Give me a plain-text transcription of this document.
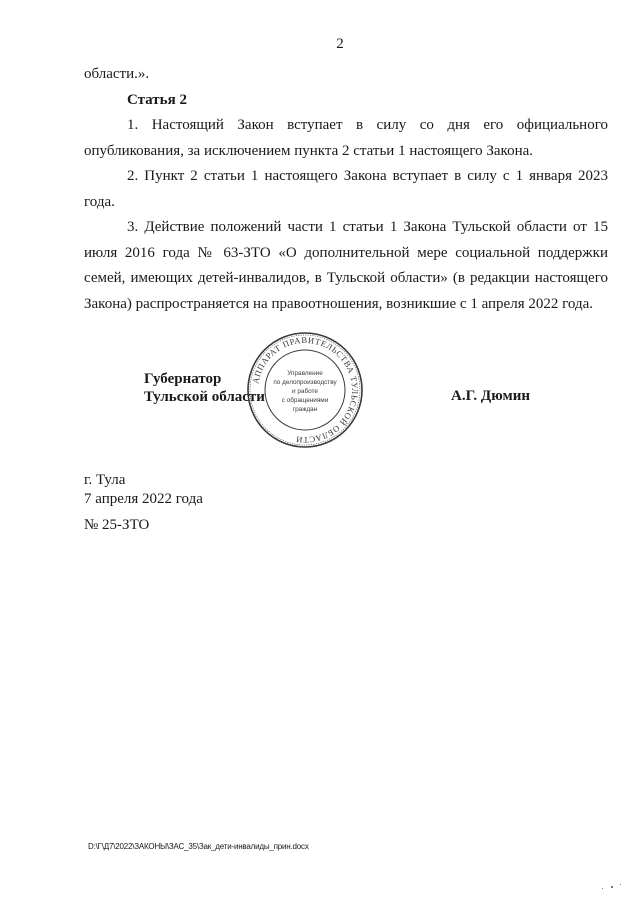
2

области.».

Статья 2

1. Настоящий Закон вступает в силу со дня его официального опубликования, за исключением пункта 2 статьи 1 настоящего Закона.

2. Пункт 2 статьи 1 настоящего Закона вступает в силу с 1 января 2023 года.

3. Действие положений части 1 статьи 1 Закона Тульской области от 15 июля 2016 года № 63-ЗТО «О дополнительной мере социальной поддержки семей, имеющих детей-инвалидов, в Тульской области» (в редакции настоящего Закона) распространяется на правоотношения, возникшие с 1 апреля 2022 года.

АППАРАТ ПРАВИТЕЛЬСТВА ТУЛЬСКОЙ ОБЛАСТИ
Управление
по делопроизводству
и работе
с обращениями
граждан
Губернатор
Тульской области	А.Г. Дюмин
г. Тула
7 апреля 2022 года
№ 25-ЗТО
D:\Г\Д7\2022\ЗАКОНЫ\ЗАС_35\Зак_дети-инвалиды_прин.docx
